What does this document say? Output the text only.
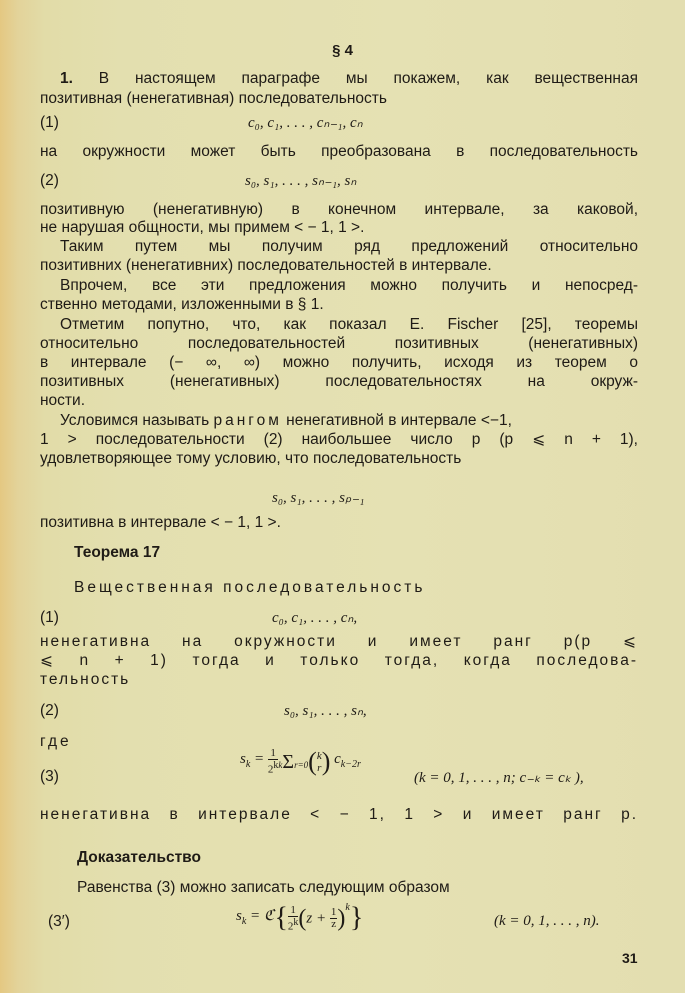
§ 4
1. В настоящем параграфе мы покажем, как вещественная
позитивная (ненегативная) последовательность
(1)	c₀, c₁, . . . , cₙ₋₁, cₙ
на окружности может быть преобразована в последовательность
(2)	s₀, s₁, . . . , sₙ₋₁, sₙ
позитивную (ненегативную) в конечном интервале, за каковой,
не нарушая общности, мы примем < − 1, 1 >.
Таким путем мы получим ряд предложений относительно
позитивних (ненегативних) последовательностей в интервале.
Впрочем, все эти предложения можно получить и непосред-
ственно методами, изложенными в § 1.
Отметим попутно, что, как показал E. Fischer [25], теоремы
относительно последовательностей позитивных (ненегативных)
в интервале (− ∞, ∞) можно получить, исходя из теорем о
позитивных (ненегативных) последовательностях на окруж-
ности.
Условимся называть рангом ненегативной в интервале <−1,
1 > последовательности (2) наибольшее число p (p ⩽ n + 1),
удовлетворяющее тому условию, что последовательность
s₀, s₁, . . . , sₚ₋₁
позитивна в интервале < − 1, 1 >.
Теорема 17
Вещественная последовательность
(1)	c₀, c₁, . . . , cₙ,
ненегативна на окружности и имеет ранг p(p ⩽
⩽ n + 1) тогда и только тогда, когда последова-
тельность
(2)	s₀, s₁, . . . , sₙ,
где
(3)
$s_k = \frac{1}{2^k} k\Sigma r=0$( k
r ) $c_{k-2r}$
(k = 0, 1, . . . , n; c₋ₖ = cₖ ),
ненегативна в интервале < − 1, 1 > и имеет ранг p.
Доказательство
Равенства (3) можно записать следующим образом
(3′)	$s_k$ = ℭ{ $\frac{1}{2^k} (z + \frac{1}{z} )^k$}	(k = 0, 1, . . . , n).
31
